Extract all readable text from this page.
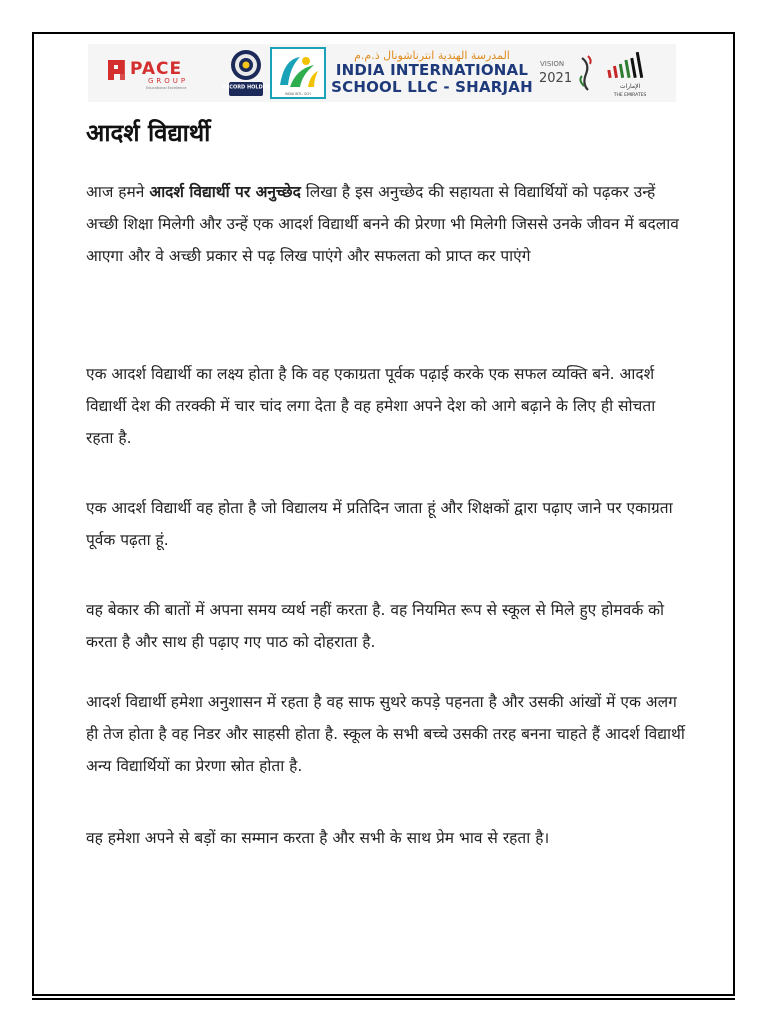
PACE
GROUP
Educational Excellence	RECORD HOLDER
INDIA INTL. SCH
المدرسة الهندية انترناشونال ذ.م.م
INDIA INTERNATIONAL
SCHOOL LLC - SHARJAH
VISION
2021
الإمارات
THE EMIRATES
आदर्श विद्यार्थी
आज हमने आदर्श विद्यार्थी पर अनुच्छेद लिखा है इस अनुच्छेद की सहायता से विद्यार्थियों को पढ़कर उन्हें अच्छी शिक्षा मिलेगी और उन्हें एक आदर्श विद्यार्थी बनने की प्रेरणा भी मिलेगी जिससे उनके जीवन में बदलाव आएगा और वे अच्छी प्रकार से पढ़ लिख पाएंगे और सफलता को प्राप्त कर पाएंगे
एक आदर्श विद्यार्थी का लक्ष्य होता है कि वह एकाग्रता पूर्वक पढ़ाई करके एक सफल व्यक्ति बने. आदर्श विद्यार्थी देश की तरक्की में चार चांद लगा देता है वह हमेशा अपने देश को आगे बढ़ाने के लिए ही सोचता रहता है.
एक आदर्श विद्यार्थी वह होता है जो विद्यालय में प्रतिदिन जाता हूं और शिक्षकों द्वारा पढ़ाए जाने पर एकाग्रता पूर्वक पढ़ता हूं.
वह बेकार की बातों में अपना समय व्यर्थ नहीं करता है. वह नियमित रूप से स्कूल से मिले हुए होमवर्क को करता है और साथ ही पढ़ाए गए पाठ को दोहराता है.
आदर्श विद्यार्थी हमेशा अनुशासन में रहता है वह साफ सुथरे कपड़े पहनता है और उसकी आंखों में एक अलग ही तेज होता है वह निडर और साहसी होता है. स्कूल के सभी बच्चे उसकी तरह बनना चाहते हैं आदर्श विद्यार्थी अन्य विद्यार्थियों का प्रेरणा स्रोत होता है.
वह हमेशा अपने से बड़ों का सम्मान करता है और सभी के साथ प्रेम भाव से रहता है।
